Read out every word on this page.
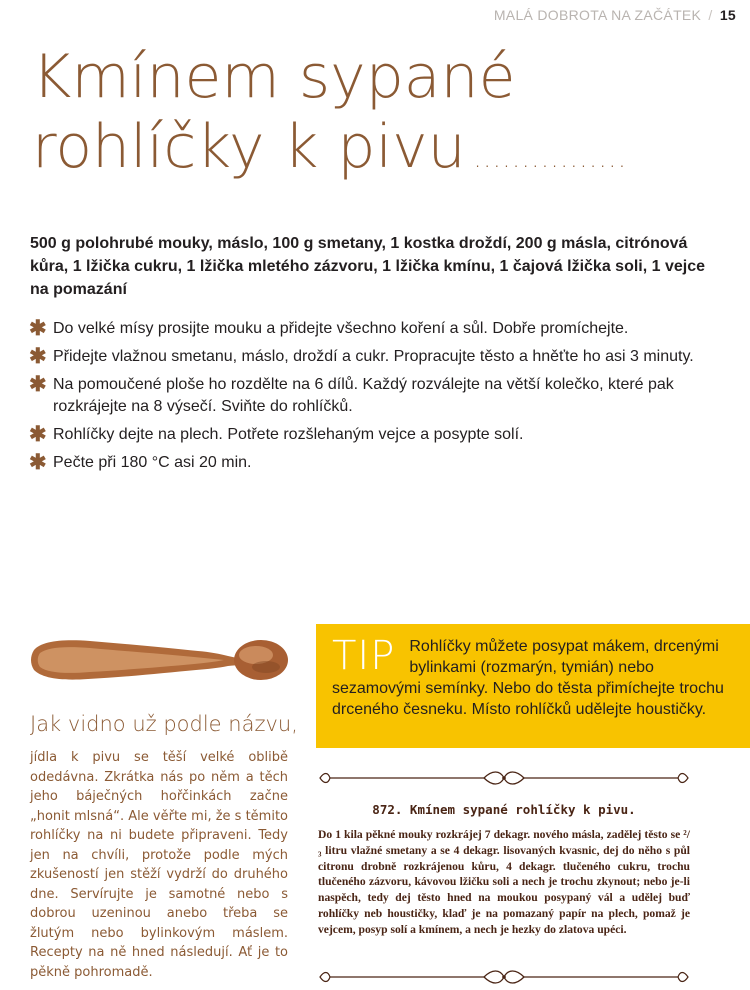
MALÁ DOBROTA NA ZAČÁTEK / 15
Kmínem sypané
rohlíčky k pivu ................

500 g polohrubé mouky, máslo, 100 g smetany, 1 kostka droždí, 200 g másla, citrónová kůra, 1 lžička cukru, 1 lžička mletého zázvoru, 1 lžička kmínu, 1 čajová lžička soli, 1 vejce na pomazání

✱ Do velké mísy prosijte mouku a přidejte všechno koření a sůl. Dobře promíchejte.
✱ Přidejte vlažnou smetanu, máslo, droždí a cukr. Propracujte těsto a hněťte ho asi 3 minuty.
✱ Na pomoučené ploše ho rozdělte na 6 dílů. Každý rozválejte na větší kolečko, které pak rozkrájejte na 8 výsečí. Sviňte do rohlíčků.
✱ Rohlíčky dejte na plech. Potřete rozšlehaným vejce a posypte solí.
✱ Pečte při 180 °C asi 20 min.
Jak vidno už podle názvu,

jídla k pivu se těší velké oblibě odedávna. Zkrátka nás po něm a těch jeho báječných hořčinkách začne „honit mlsná“. Ale věřte mi, že s těmito rohlíčky na ni budete připraveni. Tedy jen na chvíli, protože podle mých zkušeností jen stěží vydrží do druhého dne. Servírujte je samotné nebo s dobrou uzeninou anebo třeba se žlutým nebo bylinkovým máslem. Recepty na ně hned následují. Ať je to pěkně pohromadě.

TIP Rohlíčky můžete posypat mákem, drcenými bylinkami (rozmarýn, tymián) nebo sezamovými semínky. Nebo do těsta přimíchejte trochu drceného česneku. Místo rohlíčků udělejte houstičky.

872. Kmínem sypané rohlíčky k pivu.

Do 1 kila pěkné mouky rozkrájej 7 dekagr. nového másla, zadělej těsto se ²/₃ litru vlažné smetany a se 4 dekagr. lisovaných kvasnic, dej do něho s půl citronu drobně rozkrájenou kůru, 4 dekagr. tlučeného cukru, trochu tlučeného zázvoru, kávovou lžičku soli a nech je trochu zkynout; nebo je-li naspěch, tedy dej těsto hned na moukou posypaný vál a udělej buď rohlíčky neb houstičky, klaď je na pomazaný papír na plech, pomaž je vejcem, posyp solí a kmínem, a nech je hezky do zlatova upéci.
